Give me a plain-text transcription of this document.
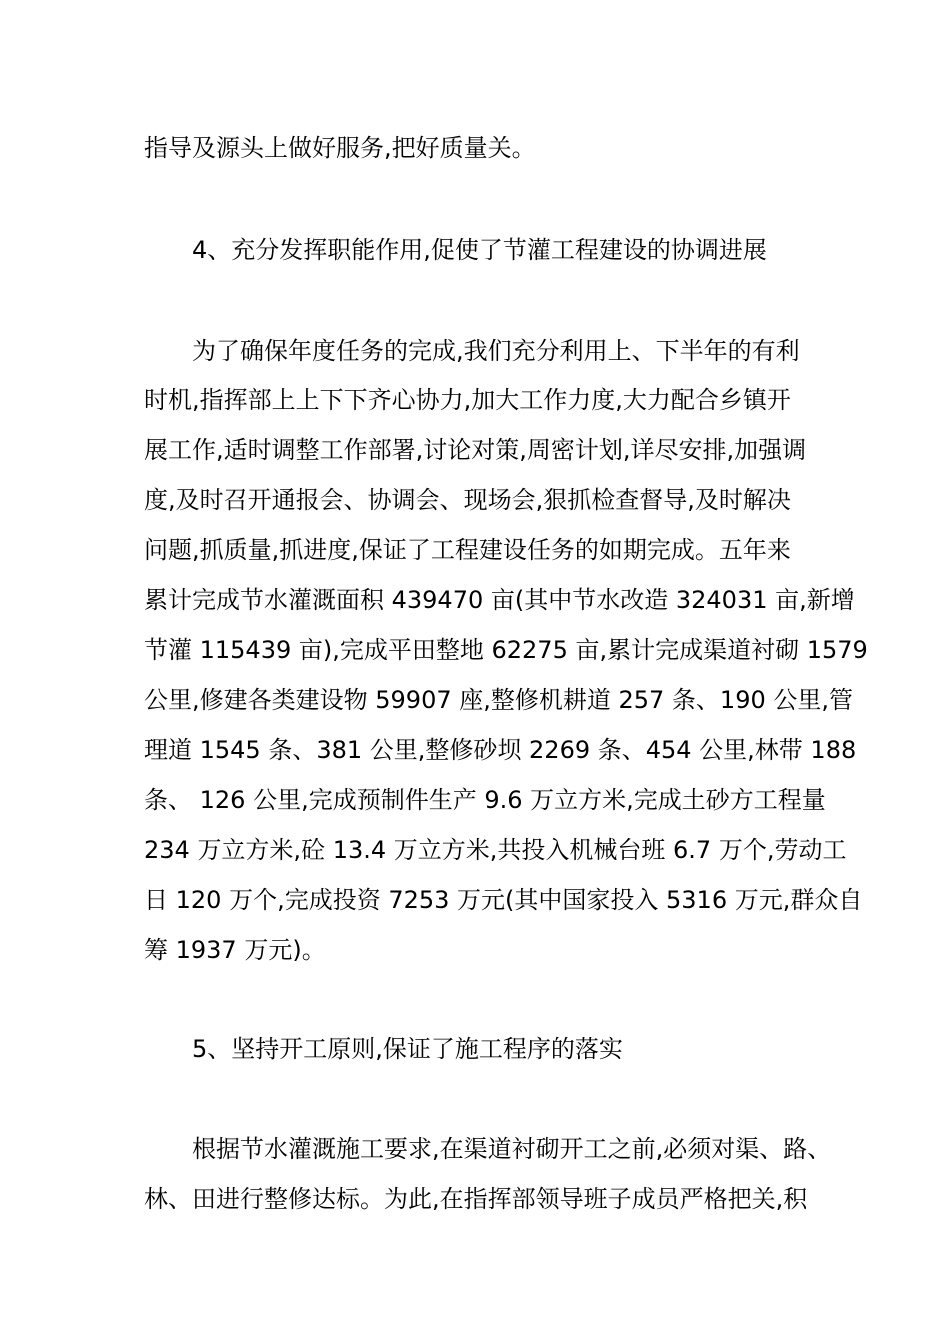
指导及源头上做好服务,把好质量关。
4、充分发挥职能作用,促使了节灌工程建设的协调进展
为了确保年度任务的完成,我们充分利用上、下半年的有利
时机,指挥部上上下下齐心协力,加大工作力度,大力配合乡镇开
展工作,适时调整工作部署,讨论对策,周密计划,详尽安排,加强调
度,及时召开通报会、协调会、现场会,狠抓检查督导,及时解决
问题,抓质量,抓进度,保证了工程建设任务的如期完成。五年来
累计完成节水灌溉面积 439470 亩(其中节水改造 324031 亩,新增
节灌 115439 亩),完成平田整地 62275 亩,累计完成渠道衬砌 1579
公里,修建各类建设物 59907 座,整修机耕道 257 条、190 公里,管
理道 1545 条、381 公里,整修砂坝 2269 条、454 公里,林带 188
条、 126 公里,完成预制件生产 9.6 万立方米,完成土砂方工程量
234 万立方米,砼 13.4 万立方米,共投入机械台班 6.7 万个,劳动工
日 120 万个,完成投资 7253 万元(其中国家投入 5316 万元,群众自
筹 1937 万元)。
5、坚持开工原则,保证了施工程序的落实
根据节水灌溉施工要求,在渠道衬砌开工之前,必须对渠、路、
林、田进行整修达标。为此,在指挥部领导班子成员严格把关,积
